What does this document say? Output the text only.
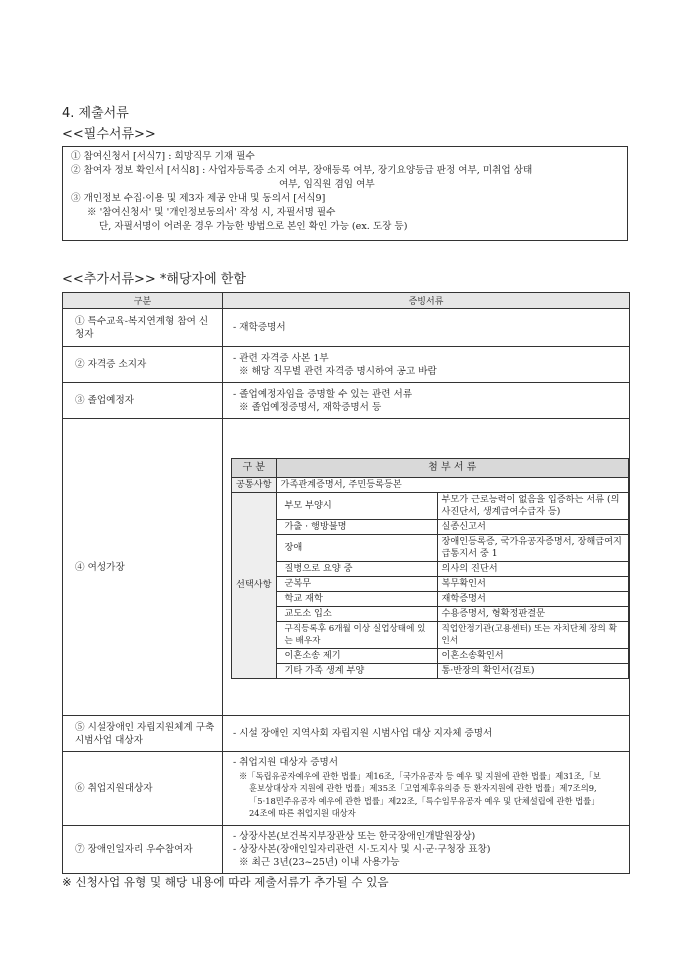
4. 제출서류
<<필수서류>>
① 참여신청서 [서식7] : 희망직무 기재 필수
② 참여자 정보 확인서 [서식8] : 사업자등록증 소지 여부, 장애등록 여부, 장기요양등급 판정 여부, 미취업 상태
여부, 임직원 겸임 여부
③ 개인정보 수집·이용 및 제3자 제공 안내 및 동의서 [서식9]
※ '참여신청서' 및 '개인정보동의서' 작성 시, 자필서명 필수
단, 자필서명이 어려운 경우 가능한 방법으로 본인 확인 가능 (ex. 도장 등)
<<추가서류>> *해당자에 한함
구분	증빙서류
① 특수교육-복지연계형 참여 신청자	
- 재학증명서

② 자격증 소지자	
- 관련 자격증 사본 1부
※ 해당 직무별 관련 자격증 명시하여 공고 바람

③ 졸업예정자	
- 졸업예정자임을 증명할 수 있는 관련 서류
※ 졸업예정증명서, 재학증명서 등

④ 여성가장	
구 분	첨 부 서 류
공통사항	가족관계증명서, 주민등록등본
선택사항	부모 부양시	부모가 근로능력이 없음을 입증하는 서류 (의사진단서, 생계급여수급자 등)
가출 · 행방불명	실종신고서
장애	장애인등록증, 국가유공자증명서, 장해급여지급통지서 중 1
질병으로 요양 중	의사의 진단서
군복무	복무확인서
학교 재학	재학증명서
교도소 입소	수용증명서, 형확정판결문
구직등록후 6개월 이상 실업상태에 있는 배우자	직업안정기관(고용센터) 또는 자치단체 장의 확인서
이혼소송 제기	이혼소송확인서
기타 가족 생계 부양	통·반장의 확인서(검토)

⑤ 시설장애인 자립지원체계 구축 시범사업 대상자	
- 시설 장애인 지역사회 자립지원 시범사업 대상 지자체 증명서

⑥ 취업지원대상자	
- 취업지원 대상자 증명서
※「독립유공자예우에 관한 법률」제16조,「국가유공자 등 예우 및 지원에 관한 법률」제31조,「보
훈보상대상자 지원에 관한 법률」제35조「고엽제후유의증 등 환자지원에 관한 법률」제7조의9,
「5·18민주유공자 예우에 관한 법률」제22조,「특수임무유공자 예우 및 단체설립에 관한 법률」
24조에 따른 취업지원 대상자

⑦ 장애인일자리 우수참여자	
- 상장사본(보건복지부장관상 또는 한국장애인개발원장상)
- 상장사본(장애인일자리관련 시·도지사 및 시·군·구청장 표창)
※ 최근 3년(23~25년) 이내 사용가능
※ 신청사업 유형 및 해당 내용에 따라 제출서류가 추가될 수 있음
